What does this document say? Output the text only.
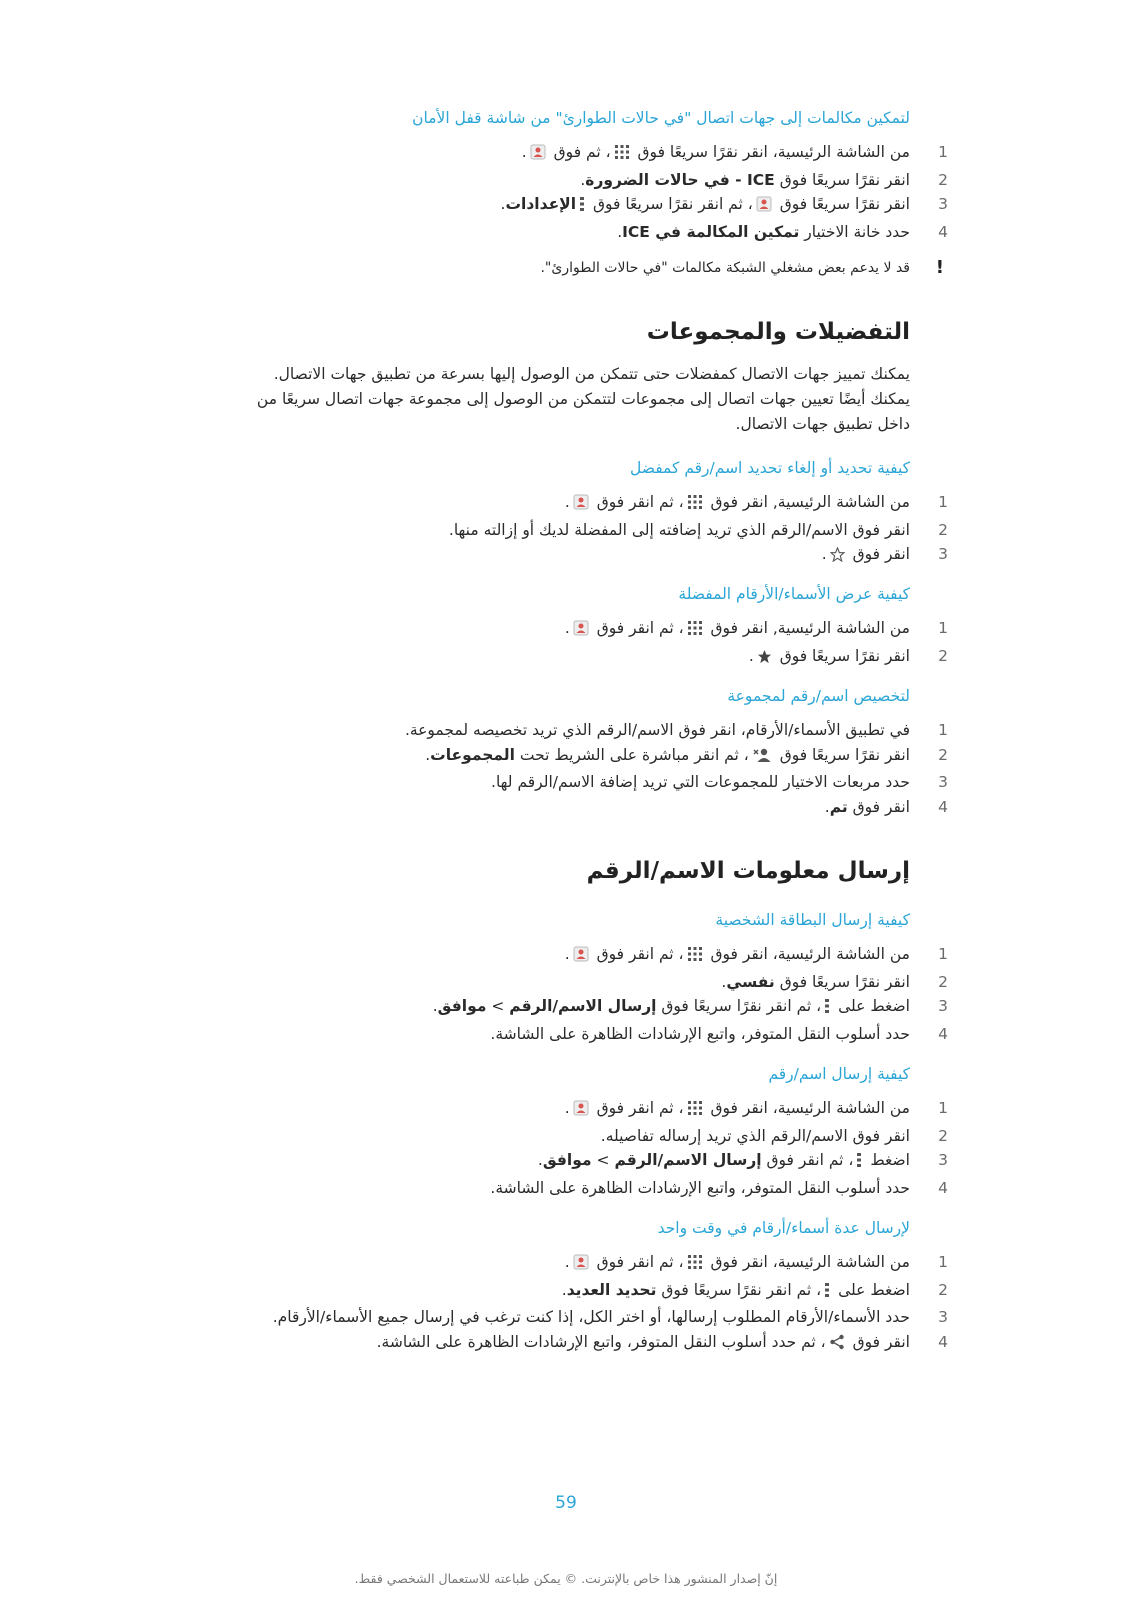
لتمكين مكالمات إلى جهات اتصال "في حالات الطوارئ" من شاشة قفل الأمان

1
من الشاشة الرئيسية، انقر نقرًا سريعًا فوق ، ثم فوق .
2
انقر نقرًا سريعًا فوق ICE - في حالات الضرورة.
3
انقر نقرًا سريعًا فوق ، ثم انقر نقرًا سريعًا فوق الإعدادات.
4
حدد خانة الاختيار تمكين المكالمة في ICE.
!
قد لا يدعم بعض مشغلي الشبكة مكالمات "في حالات الطوارئ".

التفضيلات والمجموعات

يمكنك تمييز جهات الاتصال كمفضلات حتى تتمكن من الوصول إليها بسرعة من تطبيق جهات الاتصال.

يمكنك أيضًا تعيين جهات اتصال إلى مجموعات لتتمكن من الوصول إلى مجموعة جهات اتصال سريعًا من داخل تطبيق جهات الاتصال.

كيفية تحديد أو إلغاء تحديد اسم/رقم كمفضل

1
من الشاشة الرئيسية, انقر فوق ، ثم انقر فوق .
2
انقر فوق الاسم/الرقم الذي تريد إضافته إلى المفضلة لديك أو إزالته منها.
3
انقر فوق .

كيفية عرض الأسماء/الأرقام المفضلة

1
من الشاشة الرئيسية, انقر فوق ، ثم انقر فوق .
2
انقر نقرًا سريعًا فوق .

لتخصيص اسم/رقم لمجموعة

1
في تطبيق الأسماء/الأرقام، انقر فوق الاسم/الرقم الذي تريد تخصيصه لمجموعة.
2
انقر نقرًا سريعًا فوق ، ثم انقر مباشرة على الشريط تحت المجموعات.
3
حدد مربعات الاختيار للمجموعات التي تريد إضافة الاسم/الرقم لها.
4
انقر فوق تم.

إرسال معلومات الاسم/الرقم

كيفية إرسال البطاقة الشخصية

1
من الشاشة الرئيسية، انقر فوق ، ثم انقر فوق .
2
انقر نقرًا سريعًا فوق نفسي.
3
اضغط على ، ثم انقر نقرًا سريعًا فوق إرسال الاسم/الرقم > موافق.
4
حدد أسلوب النقل المتوفر، واتبع الإرشادات الظاهرة على الشاشة.

كيفية إرسال اسم/رقم

1
من الشاشة الرئيسية، انقر فوق ، ثم انقر فوق .
2
انقر فوق الاسم/الرقم الذي تريد إرساله تفاصيله.
3
اضغط ، ثم انقر فوق إرسال الاسم/الرقم > موافق.
4
حدد أسلوب النقل المتوفر، واتبع الإرشادات الظاهرة على الشاشة.

لإرسال عدة أسماء/أرقام في وقت واحد

1
من الشاشة الرئيسية، انقر فوق ، ثم انقر فوق .
2
اضغط على ، ثم انقر نقرًا سريعًا فوق تحديد العديد.
3
حدد الأسماء/الأرقام المطلوب إرسالها، أو اختر الكل، إذا كنت ترغب في إرسال جميع الأسماء/الأرقام.
4
انقر فوق ، ثم حدد أسلوب النقل المتوفر، واتبع الإرشادات الظاهرة على الشاشة.
59
إنّ إصدار المنشور هذا خاص بالإنترنت. © يمكن طباعته للاستعمال الشخصي فقط.
